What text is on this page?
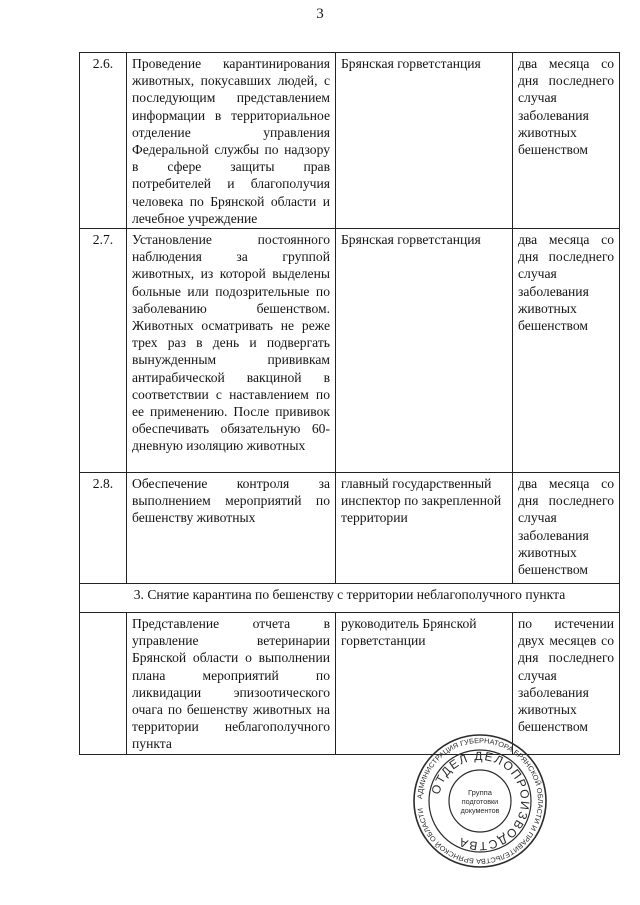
3
2.6.	Проведение карантинирования животных, покусавших людей, с последующим представлением информации в территориальное отделение управления Федеральной службы по надзору в сфере защиты прав потребителей и благополучия человека по Брянской области и лечебное учреждение	Брянская горветстанция	два месяца со дня последнего случая заболевания животных бешенством
2.7.	Установление постоянного наблюдения за группой животных, из которой выделены больные или подозрительные по заболеванию бешенством. Животных осматривать не реже трех раз в день и подвергать вынужденным прививкам антирабической вакциной в соответствии с наставлением по ее применению. После прививок обеспечивать обязательную 60-дневную изоляцию животных	Брянская горветстанция	два месяца со дня последнего случая заболевания животных бешенством
2.8.	Обеспечение контроля за выполнением мероприятий по бешенству животных	главный государственный инспектор по закрепленной территории	два месяца со дня последнего случая заболевания животных бешенством
3. Снятие карантина по бешенству с территории неблагополучного пункта			
	Представление отчета в управление ветеринарии Брянской области о выполнении плана мероприятий по ликвидации эпизоотического очага по бешенству животных на территории неблагополучного пункта	руководитель Брянской горветстанции	по истечении двух месяцев со дня последнего случая заболевания животных бешенством
АДМИНИСТРАЦИЯ ГУБЕРНАТОРА БРЯНСКОЙ ОБЛАСТИ И ПРАВИТЕЛЬСТВА БРЯНСКОЙ ОБЛАСТИ
ОТДЕЛ ДЕЛОПРОИЗВОДСТВА
Группа
подготовки
документов
